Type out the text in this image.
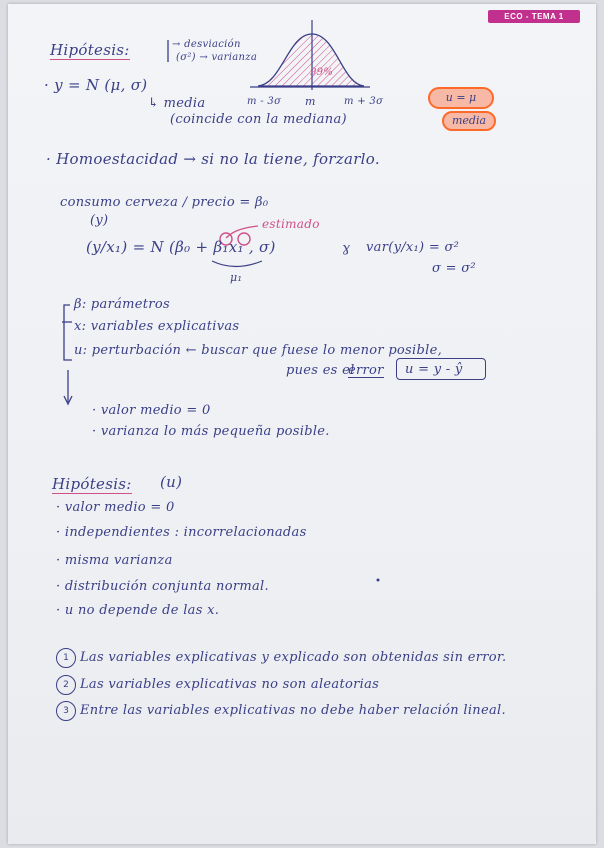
ECO - TEMA 1
Hipótesis:	→ desviación
(σ²) → varianza
· y = N (μ, σ)
↳ media
(coincide con la mediana)
m - 3σ m	m + 3σ
99%
u = μ
media
· Homoestacidad → si no la tiene, forzarlo.
consumo cerveza / precio = β₀
(y)	estimado
(y/x₁) = N (β₀ + β₁x₁ , σ)
μ₁
ɣ var(y/x₁) = σ²
σ = σ²
β: parámetros
x: variables explicativas
u: perturbación ← buscar que fuese lo menor posible,
pues es el
error u = y - ŷ
· valor medio = 0
· varianza lo más pequeña posible.
Hipótesis: (u)
· valor medio = 0
· independientes : incorrelacionadas
· misma varianza
· distribución conjunta normal.
· u no depende de las x.
1 Las variables explicativas y explicado son obtenidas sin error.
2 Las variables explicativas no son aleatorias
3 Entre las variables explicativas no debe haber relación lineal.
